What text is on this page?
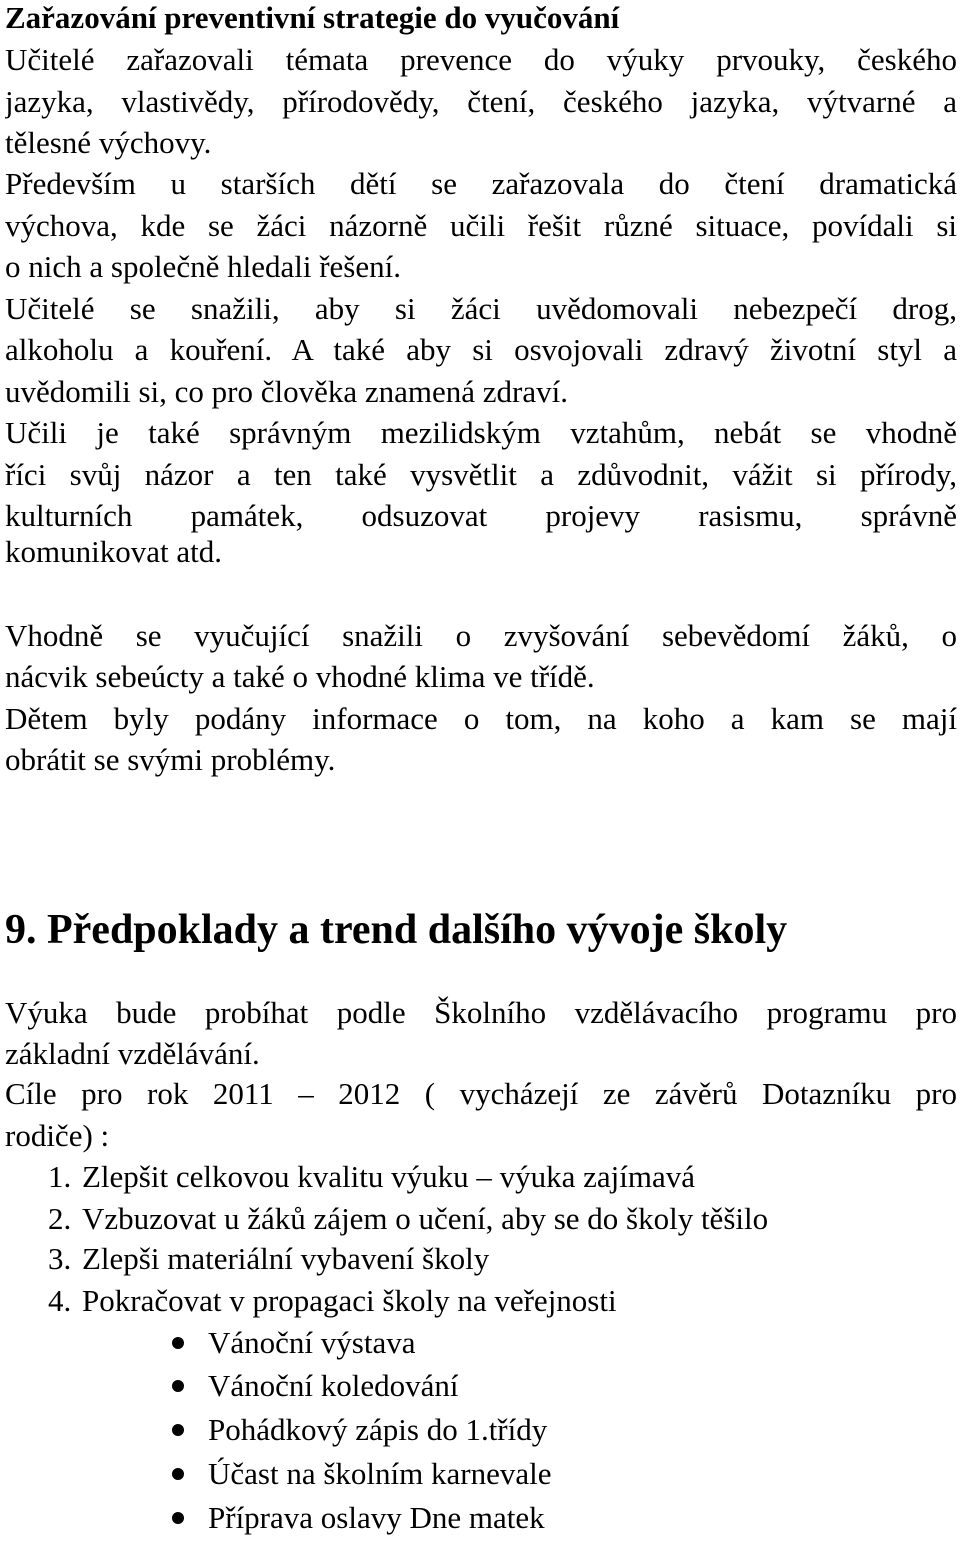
Zařazování preventivní strategie do vyučování
Učitelé zařazovali témata prevence do výuky prvouky, českého
jazyka, vlastivědy, přírodovědy, čtení, českého jazyka, výtvarné a
tělesné výchovy.
Především u starších dětí se zařazovala do čtení dramatická
výchova, kde se žáci názorně učili řešit různé situace, povídali si
o nich a společně hledali řešení.
Učitelé se snažili, aby si žáci uvědomovali nebezpečí drog,
alkoholu a kouření. A také aby si osvojovali zdravý životní styl a
uvědomili si, co pro člověka znamená zdraví.
Učili je také správným mezilidským vztahům, nebát se vhodně
říci svůj názor a ten také vysvětlit a zdůvodnit, vážit si přírody,
kulturních památek, odsuzovat projevy rasismu, správně
komunikovat atd.
Vhodně se vyučující snažili o zvyšování sebevědomí žáků, o
nácvik sebeúcty a také o vhodné klima ve třídě.
Dětem byly podány informace o tom, na koho a kam se mají
obrátit se svými problémy.
9. Předpoklady a trend dalšího vývoje školy
Výuka bude probíhat podle Školního vzdělávacího programu pro
základní vzdělávání.
Cíle pro rok 2011 – 2012 ( vycházejí ze závěrů Dotazníku pro
rodiče) :
1. Zlepšit celkovou kvalitu výuku – výuka zajímavá
2. Vzbuzovat u žáků zájem o učení, aby se do školy těšilo
3. Zlepši materiální vybavení školy
4. Pokračovat v propagaci školy na veřejnosti
Vánoční výstava
Vánoční koledování
Pohádkový zápis do 1.třídy
Účast na školním karnevale
Příprava oslavy Dne matek
